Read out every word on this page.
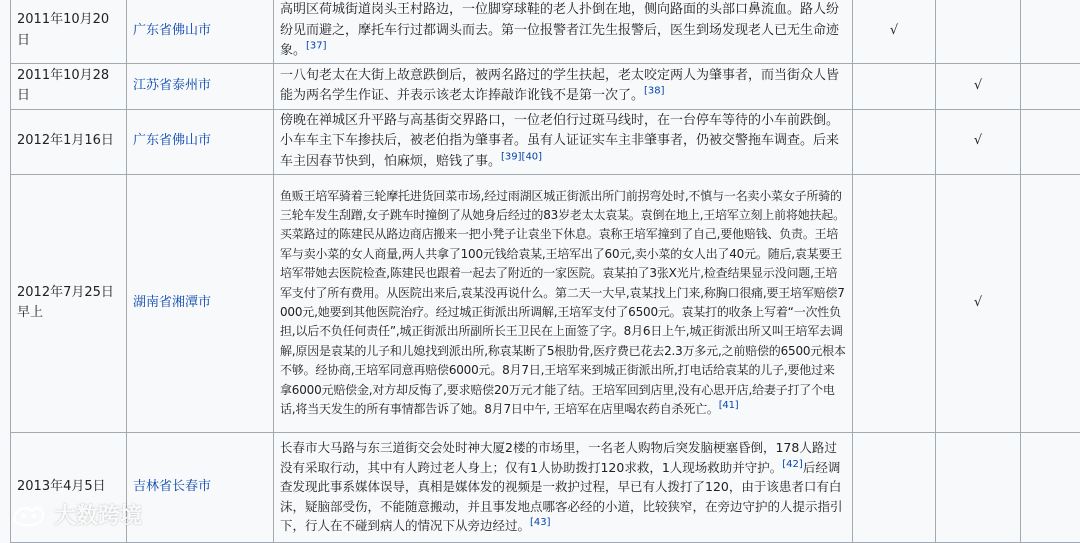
2011年10月20日	广东省佛山市	高明区荷城街道岗头王村路边，一位脚穿球鞋的老人扑倒在地，侧向路面的头部口鼻流血。路人纷纷见而避之，摩托车行过都调头而去。第一位报警者江先生报警后，医生到场发现老人已无生命迹象。[37]	√		
2011年10月28日	江苏省泰州市	一八旬老太在大街上故意跌倒后，被两名路过的学生扶起，老太咬定两人为肇事者，而当街众人皆能为两名学生作证、并表示该老太诈捧敲诈讹钱不是第一次了。[38]		√	
2012年1月16日	广东省佛山市	傍晚在禅城区升平路与高基街交界路口，一位老伯行过斑马线时，在一台停车等待的小车前跌倒。小车车主下车掺扶后，被老伯指为肇事者。虽有人证证实车主非肇事者，仍被交警拖车调查。后来车主因春节快到，怕麻烦，赔钱了事。[39][40]		√	
2012年7月25日早上	湖南省湘潭市	鱼贩王培军骑着三轮摩托进货回菜市场,经过雨湖区城正街派出所门前拐弯处时,不慎与一名卖小菜女子所骑的三轮车发生刮蹭,女子跳车时撞倒了从她身后经过的83岁老太太袁某。袁倒在地上,王培军立刻上前将她扶起。买菜路过的陈建民从路边商店搬来一把小凳子让袁坐下休息。袁称王培军撞到了自己,要他赔钱、负责。王培军与卖小菜的女人商量,两人共拿了100元钱给袁某,王培军出了60元,卖小菜的女人出了40元。随后,袁某要王培军带她去医院检查,陈建民也跟着一起去了附近的一家医院。袁某拍了3张X光片,检查结果显示没问题,王培军支付了所有费用。从医院出来后,袁某没再说什么。第二天一大早,袁某找上门来,称胸口很痛,要王培军赔偿7000元,她要到其他医院治疗。经过城正街派出所调解,王培军支付了6500元。袁某打的收条上写着“一次性负担,以后不负任何责任”,城正街派出所副所长王卫民在上面签了字。8月6日上午,城正街派出所又叫王培军去调解,原因是袁某的儿子和儿媳找到派出所,称袁某断了5根肋骨,医疗费已花去2.3万多元,之前赔偿的6500元根本不够。经协商,王培军同意再赔偿6000元。8月7日,王培军来到城正街派出所,打电话给袁某的儿子,要他过来拿6000元赔偿金,对方却反悔了,要求赔偿20万元才能了结。王培军回到店里,没有心思开店,给妻子打了个电话,将当天发生的所有事情都告诉了她。8月7日中午, 王培军在店里喝农药自杀死亡。[41]		√	
2013年4月5日	吉林省长春市	长春市大马路与东三道街交会处时神大厦2楼的市场里，一名老人购物后突发脑梗塞昏倒，178人路过没有采取行动，其中有人跨过老人身上；仅有1人协助拨打120求救，1人现场救助并守护。[42]后经调查发现此事系媒体误导，真相是媒体发的视频是一救护过程，早已有人拨打了120，由于该患者口有白沫，疑脑部受伤，不能随意搬动，并且事发地点哪客必经的小道，比较狭窄，在旁边守护的人提示指引下，行人在不碰到病人的情况下从旁边经过。[43]			
大数跨境
